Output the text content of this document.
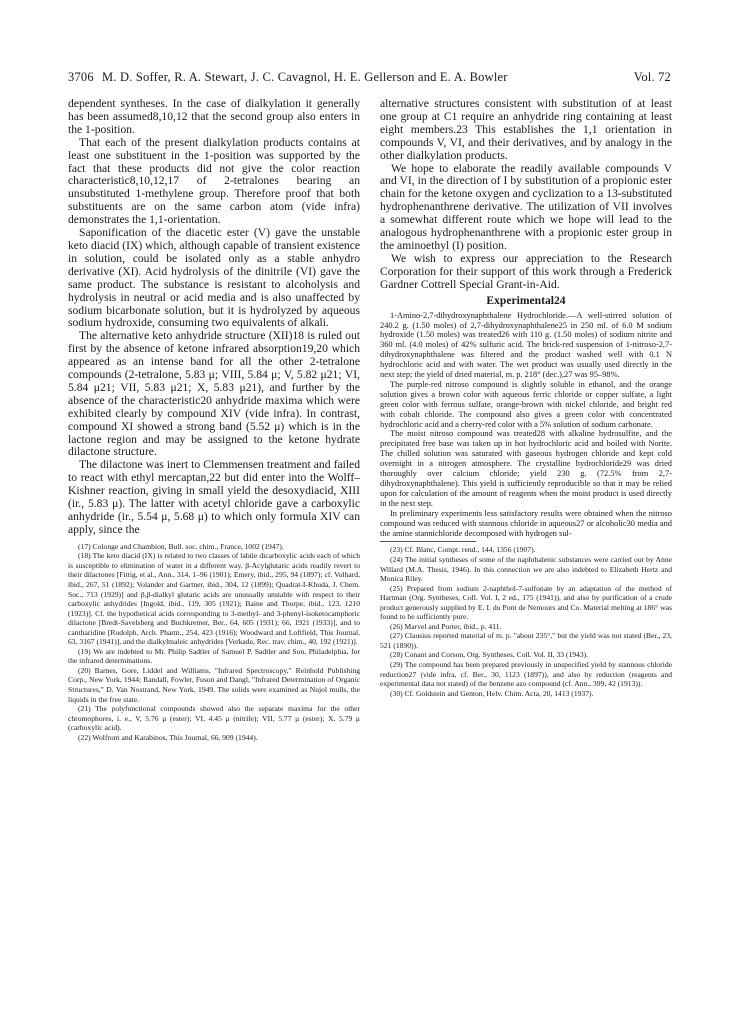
3706 M. D. Soffer, R. A. Stewart, J. C. Cavagnol, H. E. Gellerson and E. A. Bowler	Vol. 72

dependent syntheses. In the case of dialkylation it generally has been assumed8,10,12 that the second group also enters in the 1-position.

That each of the present dialkylation products contains at least one substituent in the 1-position was supported by the fact that these products did not give the color reaction characteristic8,10,12,17 of 2-tetralones bearing an unsubstituted 1-methylene group. Therefore proof that both substituents are on the same carbon atom (vide infra) demonstrates the 1,1-orientation.

Saponification of the diacetic ester (V) gave the unstable keto diacid (IX) which, although capable of transient existence in solution, could be isolated only as a stable anhydro derivative (XI). Acid hydrolysis of the dinitrile (VI) gave the same product. The substance is resistant to alcoholysis and hydrolysis in neutral or acid media and is also unaffected by sodium bicarbonate solution, but it is hydrolyzed by aqueous sodium hydroxide, consuming two equivalents of alkali.

The alternative keto anhydride structure (XII)18 is ruled out first by the absence of ketone infrared absorption19,20 which appeared as an intense band for all the other 2-tetralone compounds (2-tetralone, 5.83 μ; VIII, 5.84 μ; V, 5.82 μ21; VI, 5.84 μ21; VII, 5.83 μ21; X, 5.83 μ21), and further by the absence of the characteristic20 anhydride maxima which were exhibited clearly by compound XIV (vide infra). In contrast, compound XI showed a strong band (5.52 μ) which is in the lactone region and may be assigned to the ketone hydrate dilactone structure.

The dilactone was inert to Clemmensen treatment and failed to react with ethyl mercaptan,22 but did enter into the Wolff–Kishner reaction, giving in small yield the desoxydiacid, XIII (ir., 5.83 μ). The latter with acetyl chloride gave a carboxylic anhydride (ir., 5.54 μ, 5.68 μ) to which only formula XIV can apply, since the

(17) Colonge and Chambion, Bull. soc. chim., France, 1002 (1947).

(18) The keto diacid (IX) is related to two classes of labile dicarboxylic acids each of which is susceptible to elimination of water in a different way. β-Acylglutaric acids readily revert to their dilactones [Fittig, et al., Ann., 314, 1–96 (1901); Emery, ibid., 295, 94 (1897); cf. Volhard, ibid., 267, 51 (1892); Volander and Gartner, ibid., 304, 12 (1899); Quadrat-I-Khuda, J. Chem. Soc., 713 (1929)] and β,β-dialkyl glutaric acids are unusually unstable with respect to their carboxylic anhydrides [Ingold, ibid., 119, 305 (1921); Baine and Thorpe, ibid., 123, 1210 (1923)]. Cf. the hypothetical acids corresponding to 3-methyl- and 3-phenyl-isoketocamphoric dilactone [Bredt-Savelsberg and Buchkremer, Ber., 64, 605 (1931); 66, 1921 (1933)], and to cantharidine [Rudolph, Arch. Pharm., 254, 423 (1916); Woodward and Loftfield, This Journal, 63, 3167 (1941)], and the dialkylmaleic anhydrides [Verkade, Rec. trav. chim., 40, 192 (1921)].

(19) We are indebted to Mr. Philip Sadtler of Samuel P. Sadtler and Son, Philadelphia, for the infrared determinations.

(20) Barnes, Gore, Liddel and Williams, "Infrared Spectroscopy," Reinhold Publishing Corp., New York, 1944; Randall, Fowler, Fuson and Dangl, "Infrared Determination of Organic Structures," D. Van Nostrand, New York, 1949. The solids were examined as Nujol mulls, the liquids in the free state.

(21) The polyfunctional compounds showed also the separate maxima for the other chromophores, i. e., V, 5.76 μ (ester); VI, 4.45 μ (nitrile); VII, 5.77 μ (ester); X, 5.79 μ (carboxylic acid).

(22) Wolfrom and Karabinos, This Journal, 66, 909 (1944).

alternative structures consistent with substitution of at least one group at C1 require an anhydride ring containing at least eight members.23 This establishes the 1,1 orientation in compounds V, VI, and their derivatives, and by analogy in the other dialkylation products.

We hope to elaborate the readily available compounds V and VI, in the direction of I by substitution of a propionic ester chain for the ketone oxygen and cyclization to a 13-substituted hydrophenanthrene derivative. The utilization of VII involves a somewhat different route which we hope will lead to the analogous hydrophenanthrene with a propionic ester group in the aminoethyl (I) position.

We wish to express our appreciation to the Research Corporation for their support of this work through a Frederick Gardner Cottrell Special Grant-in-Aid.

Experimental24

1-Amino-2,7-dihydroxynaphthalene Hydrochloride.—A well-stirred solution of 240.2 g. (1.50 moles) of 2,7-dihydroxynaphthalene25 in 250 ml. of 6.0 M sodium hydroxide (1.50 moles) was treated26 with 110 g. (1.50 moles) of sodium nitrite and 360 ml. (4.0 moles) of 42% sulfuric acid. The brick-red suspension of 1-nitroso-2,7-dihydroxynaphthalene was filtered and the product washed well with 0.1 N hydrochloric acid and with water. The wet product was usually used directly in the next step; the yield of dried material, m. p. 218° (dec.),27 was 95–98%.

The purple-red nitroso compound is slightly soluble in ethanol, and the orange solution gives a brown color with aqueous ferric chloride or copper sulfate, a light green color with ferrous sulfate, orange-brown with nickel chloride, and bright red with cobalt chloride. The compound also gives a green color with concentrated hydrochloric acid and a cherry-red color with a 5% solution of sodium carbonate.

The moist nitroso compound was treated28 with alkaline hydrosulfite, and the precipitated free base was taken up in hot hydrochloric acid and boiled with Norite. The chilled solution was saturated with gaseous hydrogen chloride and kept cold overnight in a nitrogen atmosphere. The crystalline hydrochloride29 was dried thoroughly over calcium chloride; yield 230 g. (72.5% from 2,7-dihydroxynaphthalene). This yield is sufficiently reproducible so that it may be relied upon for calculation of the amount of reagents when the moist product is used directly in the next step.

In preliminary experiments less satisfactory results were obtained when the nitroso compound was reduced with stannous chloride in aqueous27 or alcoholic30 media and the amine stannichloride decomposed with hydrogen sul-

(23) Cf. Blanc, Compt. rend., 144, 1356 (1907).

(24) The initial syntheses of some of the naphthalenic substances were carried out by Anne Willard (M.A. Thesis, 1946). In this connection we are also indebted to Elizabeth Hertz and Monica Riley.

(25) Prepared from sodium 2-naphthol-7-sulfonate by an adaptation of the method of Hartman (Org. Syntheses, Coll. Vol. I, 2 ed., 175 (1941)), and also by purification of a crude product generously supplied by E. I. du Pont de Nemours and Co. Material melting at 186° was found to be sufficiently pure.

(26) Marvel and Porter, ibid., p. 411.

(27) Clausius reported material of m. p. "about 235°," but the yield was not stated (Ber., 23, 521 (1890)).

(28) Conant and Corson, Org. Syntheses, Coll. Vol. II, 33 (1943).

(29) The compound has been prepared previously in unspecified yield by stannous chloride reduction27 (vide infra, cf. Ber., 30, 1123 (1897)), and also by reduction (reagents and experimental data not stated) of the benzene azo compound (cf. Ann., 399, 42 (1913)).

(30) Cf. Goldstein and Genton, Helv. Chim. Acta, 20, 1413 (1937).
